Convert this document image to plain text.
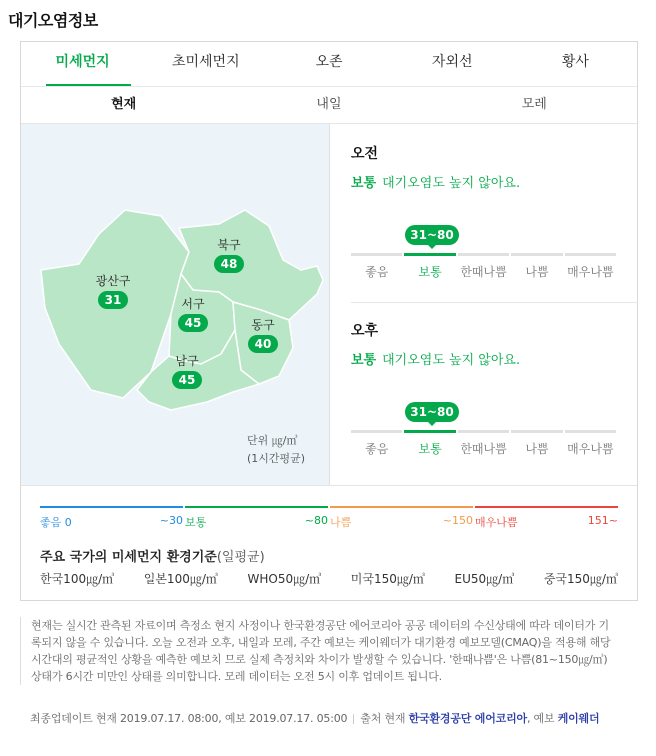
대기오염정보
미세먼지	초미세먼지	오존	자외선	황사
현재	내일	모레
광산구
31
북구
48
서구
45	동구
40
남구
45
단위 ㎍/㎥
(1시간평균)
오전
보통 대기오염도 높지 않아요.
31~80
좋음	보통	한때나쁨	나쁨	매우나쁨
오후
보통 대기오염도 높지 않아요.
31~80
좋음	보통	한때나쁨	나쁨	매우나쁨
좋음 0	~30 보통	~80 나쁨	~150 매우나쁨	151~
주요 국가의 미세먼지 환경기준(일평균)
한국100㎍/㎥ 일본100㎍/㎥ WHO50㎍/㎥ 미국150㎍/㎥ EU50㎍/㎥ 중국150㎍/㎥
현재는 실시간 관측된 자료이며 측정소 현지 사정이나 한국환경공단 에어코리아 공공 데이터의 수신상태에 따라 데이터가 기록되지 않을 수 있습니다. 오늘 오전과 오후, 내일과 모레, 주간 예보는 케이웨더가 대기환경 예보모델(CMAQ)을 적용해 해당 시간대의 평균적인 상황을 예측한 예보치 므로 실제 측정치와 차이가 발생할 수 있습니다. '한때나쁨'은 나쁨(81~150㎍/㎥)상태가 6시간 미만인 상태를 의미합니다. 모레 데이터는 오전 5시 이후 업데이트 됩니다.
최종업데이트 현재 2019.07.17. 08:00, 예보 2019.07.17. 05:00 출처 현재 한국환경공단 에어코리아, 예보 케이웨더
